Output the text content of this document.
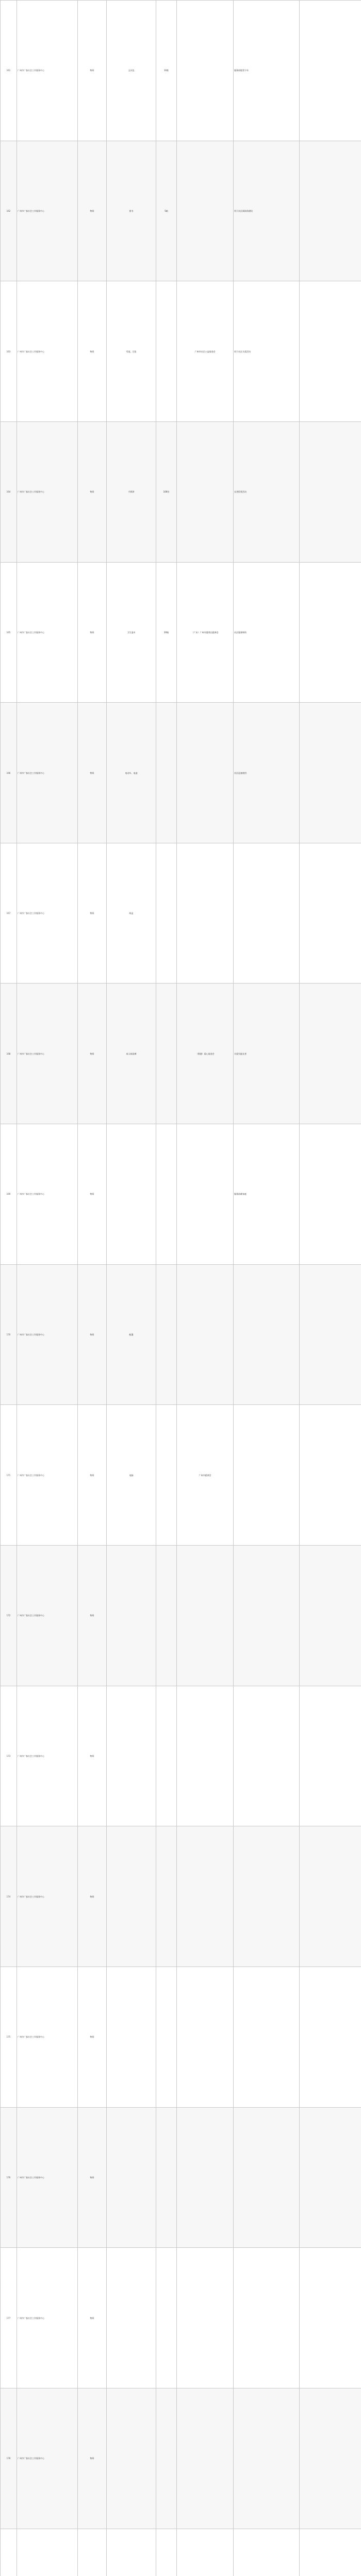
161	广州市广客社会工作服务中心	物资	文具包	10套		服务困境青少年	
162	广州市广客社会工作服务中心	物资	图书	5箱		用于社区阅读角建设	
163	广州市广客社会工作服务中心	物资	雪莲、豆浆		广州市社区公益基金会	用于社区关爱活动	
164	广州市广客社会工作服务中心	物资	手抓饼	100份		长者饭堂活动	
165	广州市广客社会工作服务中心	物资	卫生湿巾	20箱	（广东）广州市越秀区慈善会	社区服务物资	
166	广州市广客社会工作服务中心	物资	电动车、电池			社区巡查使用	
167	广州市广客社会工作服务中心	物资	纸盒				
168	广州市广客社会工作服务中心	物资	成人纸尿裤		（香港）爱心基金会	关爱失能长者	
169	广州市广客社会工作服务中心	物资				服务困难家庭	
170	广州市广客社会工作服务中心	物资	帐篷				
171	广州市广客社会工作服务中心	物资	电脑		广州市慈善会		
172	广州市广客社会工作服务中心	物资					
173	广州市广客社会工作服务中心	物资					
174	广州市广客社会工作服务中心	物资					
175	广州市广客社会工作服务中心	物资					
176	广州市广客社会工作服务中心	物资					
177	广州市广客社会工作服务中心	物资					
178	广州市广客社会工作服务中心	物资					
